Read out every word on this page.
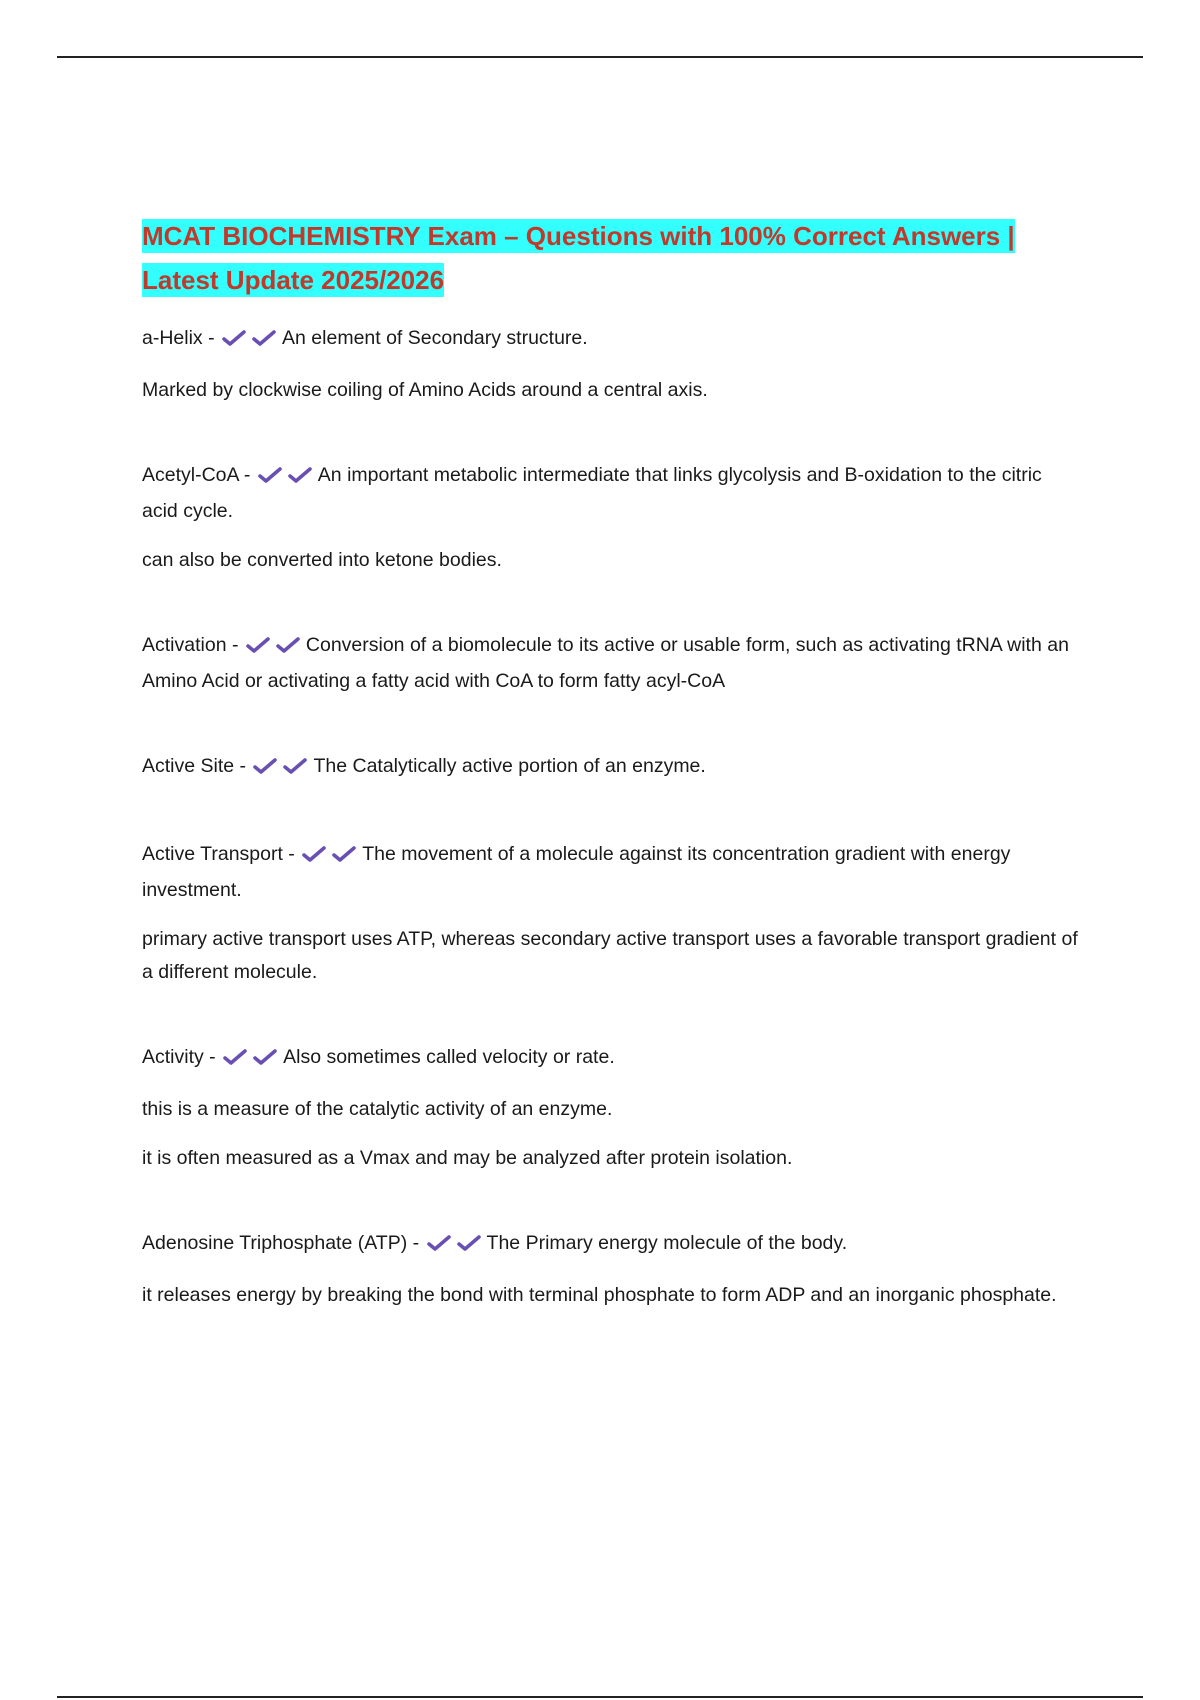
MCAT BIOCHEMISTRY Exam – Questions with 100% Correct Answers | Latest Update 2025/2026

a-Helix -	An element of Secondary structure.

Marked by clockwise coiling of Amino Acids around a central axis.

Acetyl-CoA -	An important metabolic intermediate that links glycolysis and B-oxidation to the citric acid cycle.

can also be converted into ketone bodies.

Activation -	Conversion of a biomolecule to its active or usable form, such as activating tRNA with an Amino Acid or activating a fatty acid with CoA to form fatty acyl-CoA

Active Site -	The Catalytically active portion of an enzyme.

Active Transport -	The movement of a molecule against its concentration gradient with energy investment.

primary active transport uses ATP, whereas secondary active transport uses a favorable transport gradient of a different molecule.

Activity -	Also sometimes called velocity or rate.

this is a measure of the catalytic activity of an enzyme.

it is often measured as a Vmax and may be analyzed after protein isolation.

Adenosine Triphosphate (ATP) -	The Primary energy molecule of the body.

it releases energy by breaking the bond with terminal phosphate to form ADP and an inorganic phosphate.
